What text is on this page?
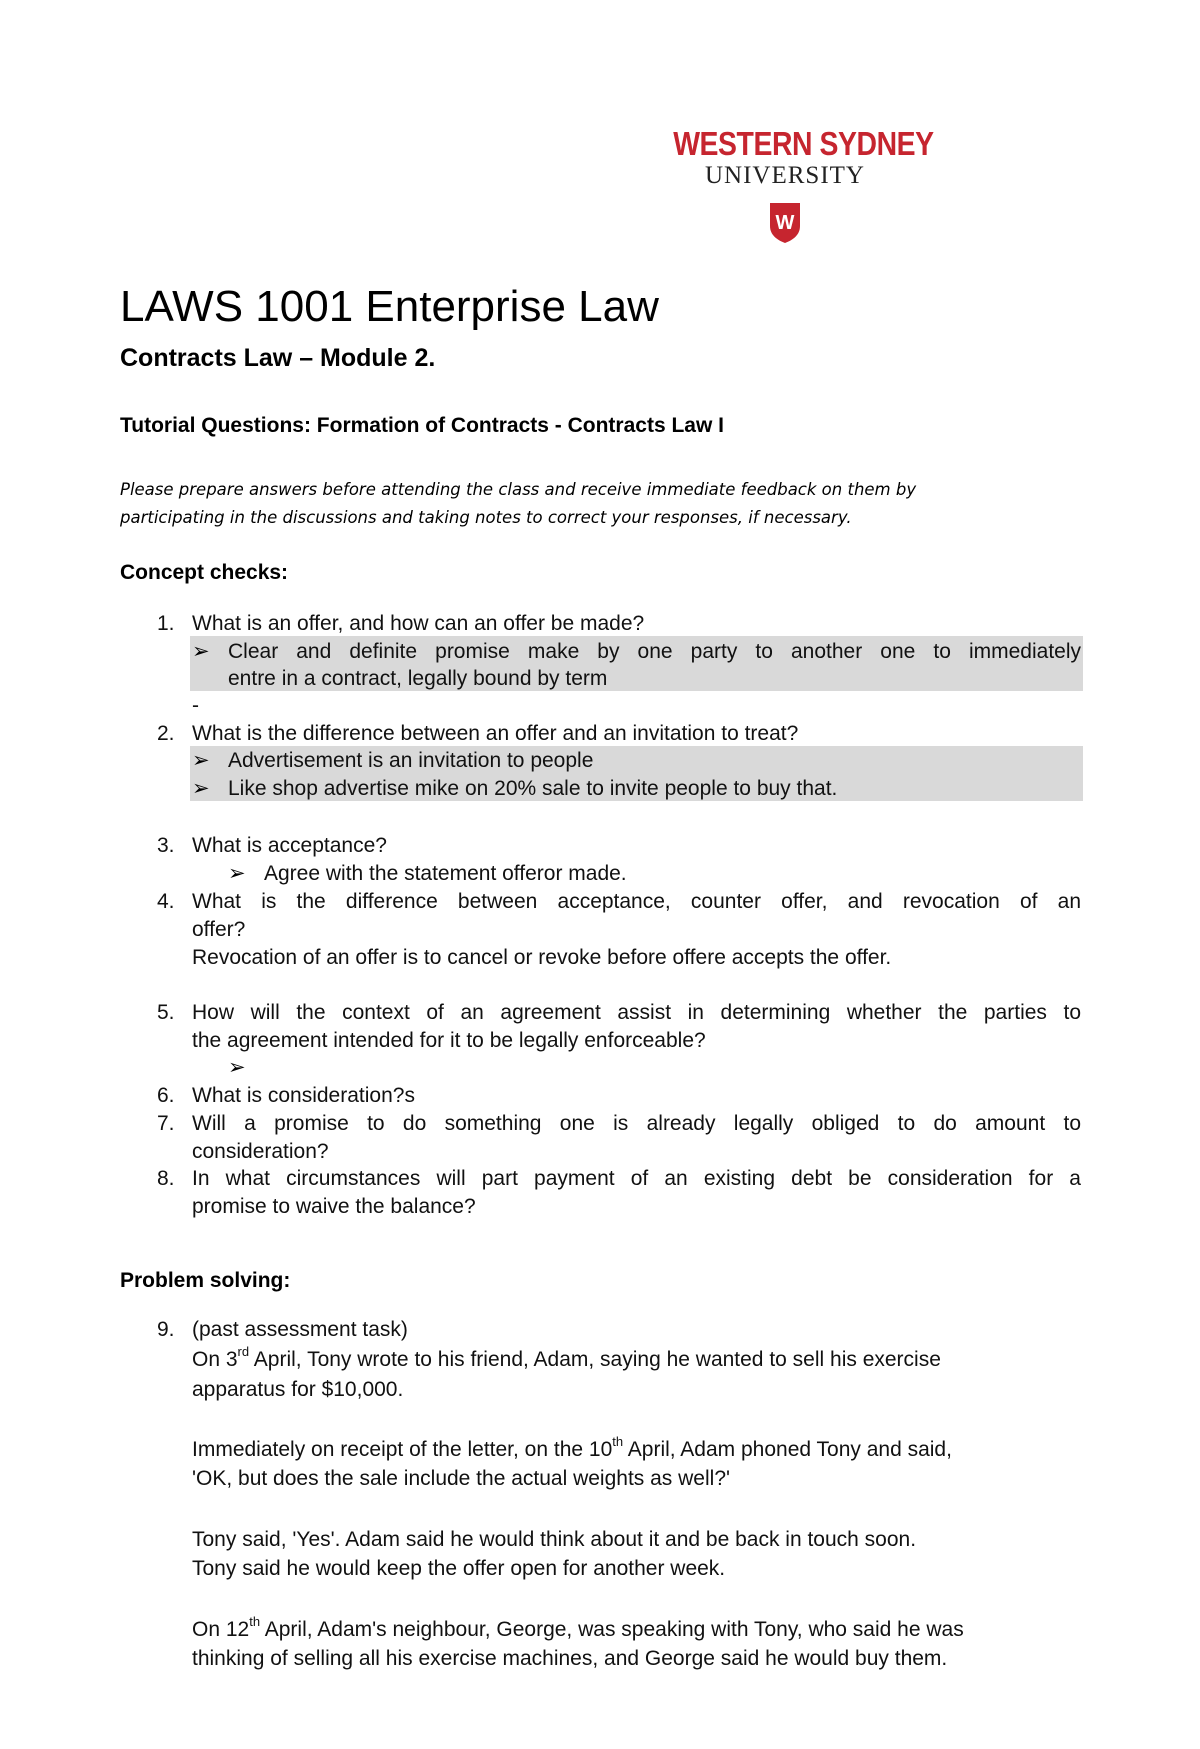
WESTERN SYDNEY
UNIVERSITY
W
LAWS 1001 Enterprise Law
Contracts Law – Module 2.
Tutorial Questions: Formation of Contracts - Contracts Law I
Please prepare answers before attending the class and receive immediate feedback on them by
participating in the discussions and taking notes to correct your responses, if necessary.
Concept checks:
1. What is an offer, and how can an offer be made?
➢ Clear and definite promise make by one party to another one to immediately
entre in a contract, legally bound by term
-
2. What is the difference between an offer and an invitation to treat?
➢ Advertisement is an invitation to people
➢ Like shop advertise mike on 20% sale to invite people to buy that.
3. What is acceptance?
➢ Agree with the statement offeror made.
4. What is the difference between acceptance, counter offer, and revocation of an
offer?
Revocation of an offer is to cancel or revoke before offere accepts the offer.
5. How will the context of an agreement assist in determining whether the parties to
the agreement intended for it to be legally enforceable?
➢
6. What is consideration?s
7. Will a promise to do something one is already legally obliged to do amount to
consideration?
8. In what circumstances will part payment of an existing debt be consideration for a
promise to waive the balance?
Problem solving:
9. (past assessment task)
On 3rd April, Tony wrote to his friend, Adam, saying he wanted to sell his exercise
apparatus for $10,000.
Immediately on receipt of the letter, on the 10th April, Adam phoned Tony and said,
'OK, but does the sale include the actual weights as well?'
Tony said, 'Yes'. Adam said he would think about it and be back in touch soon.
Tony said he would keep the offer open for another week.
On 12th April, Adam's neighbour, George, was speaking with Tony, who said he was
thinking of selling all his exercise machines, and George said he would buy them.
